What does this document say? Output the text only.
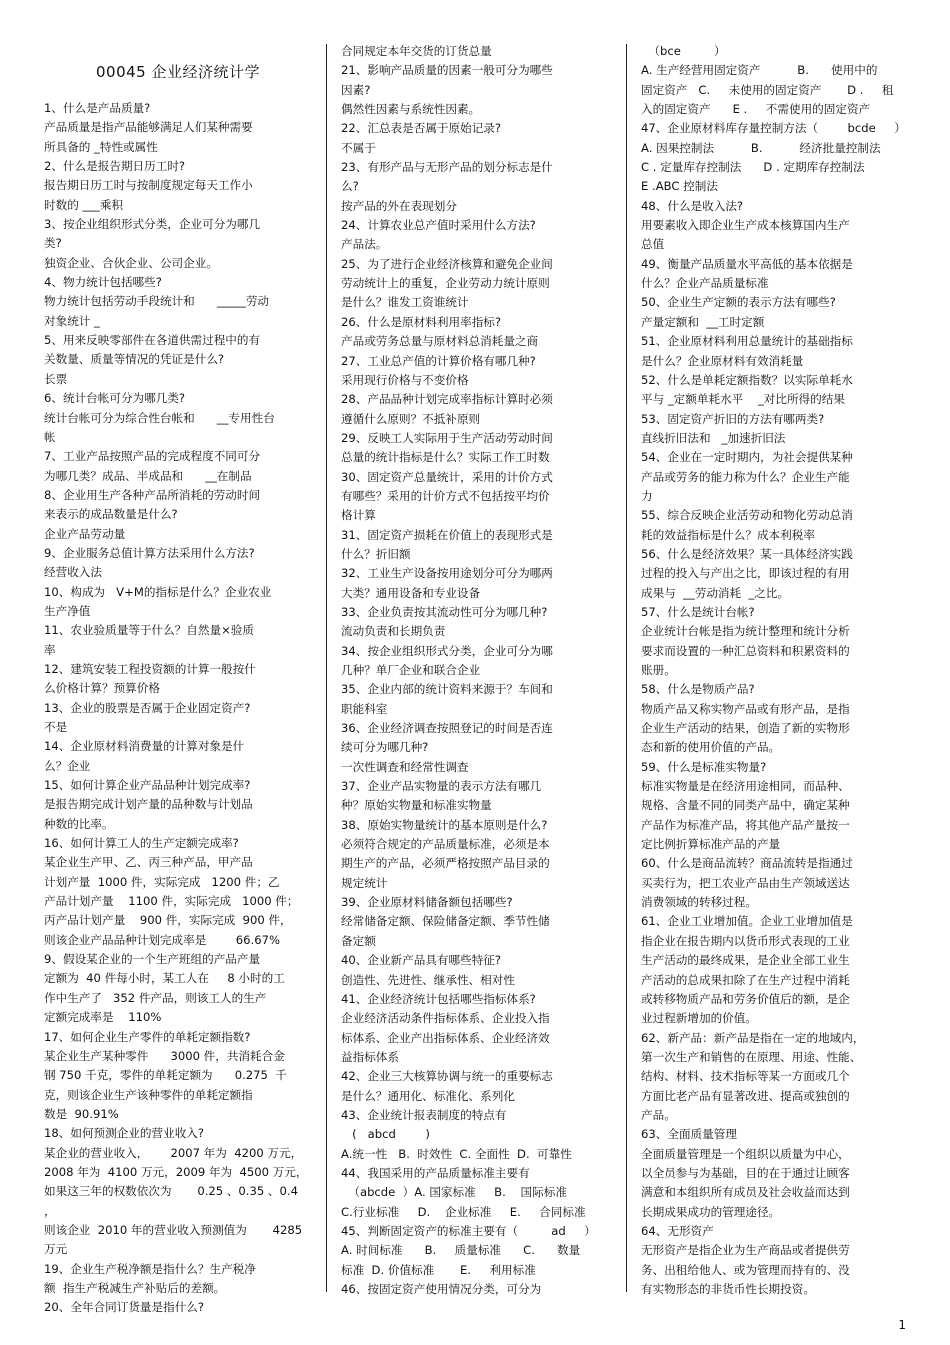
00045 企业经济统计学

1、什么是产品质量?

产品质量是指产品能够满足人们某种需要

所具备的 _特性或属性

2、什么是报告期日历工时?

报告期日历工时与按制度规定每天工作小

时数的 ___乘积

3、按企业组织形式分类，企业可分为哪几

类?

独资企业、合伙企业、公司企业。

4、物力统计包括哪些?

物力统计包括劳动手段统计和      _____劳动

对象统计 _

5、用来反映零部件在各道供需过程中的有

关数量、质量等情况的凭证是什么?

长票

6、统计台帐可分为哪几类?

统计台帐可分为综合性台帐和      __专用性台

帐

7、工业产品按照产品的完成程度不同可分

为哪几类？成品、半成品和      __在制品

8、企业用生产各种产品所消耗的劳动时间

来表示的成品数量是什么?

企业产品劳动量

9、企业服务总值计算方法采用什么方法?

经营收入法

10、构成为   V+M的指标是什么？企业农业

生产净值

11、农业验质量等于什么？自然量×验质

率

12、建筑安装工程投资额的计算一般按什

么价格计算？预算价格

13、企业的股票是否属于企业固定资产?

不是

14、企业原材料消费量的计算对象是什

么？企业

15、如何计算企业产品品种计划完成率?

是报告期完成计划产量的品种数与计划品

种数的比率。

16、如何计算工人的生产定额完成率?

某企业生产甲、乙、丙三种产品，甲产品

计划产量  1000 件，实际完成   1200 件；乙

产品计划产量    1100 件，实际完成   1000 件；

丙产品计划产量    900 件，实际完成  900 件，

则该企业产品品种计划完成率是        66.67%

9、假设某企业的一个生产班组的产品产量

定额为  40 件每小时，某工人在     8 小时的工

作中生产了   352 件产品，则该工人的生产

定额完成率是    110%

17、如何企业生产零件的单耗定额指数?

某企业生产某种零件      3000 件，共消耗合金

钢 750 千克，零件的单耗定额为      0.275  千

克，则该企业生产该种零件的单耗定额指

数是  90.91%

18、如何预测企业的营业收入?

某企业的营业收入，      2007 年为  4200 万元，

2008 年为  4100 万元，2009 年为  4500 万元，

如果这三年的权数依次为       0.25 、0.35 、0.4 ，

则该企业  2010 年的营业收入预测值为       4285

万元

19、企业生产税净额是指什么？生产税净

额  指生产税减生产补贴后的差额。

20、全年合同订货量是指什么?

合同规定本年交货的订货总量

21、影响产品质量的因素一般可分为哪些

因素?

偶然性因素与系统性因素。

22、汇总表是否属于原始记录?

不属于

23、有形产品与无形产品的划分标志是什

么?

按产品的外在表现划分

24、计算农业总产值时采用什么方法?

产品法。

25、为了进行企业经济核算和避免企业间

劳动统计上的重复，企业劳动力统计原则

是什么？谁发工资谁统计

26、什么是原材料利用率指标?

产品或劳务总量与原材料总消耗量之商

27、工业总产值的计算价格有哪几种?

采用现行价格与不变价格

28、产品品种计划完成率指标计算时必须

遵循什么原则？不抵补原则

29、反映工人实际用于生产活动劳动时间

总量的统计指标是什么？实际工作工时数

30、固定资产总量统计，采用的计价方式

有哪些？采用的计价方式不包括按平均价

格计算

31、固定资产损耗在价值上的表现形式是

什么？折旧额

32、工业生产设备按用途划分可分为哪两

大类？通用设备和专业设备

33、企业负责按其流动性可分为哪几种?

流动负责和长期负责

34、按企业组织形式分类，企业可分为哪

几种？单厂企业和联合企业

35、企业内部的统计资料来源于？车间和

职能科室

36、企业经济调查按照登记的时间是否连

续可分为哪几种?

一次性调查和经常性调查

37、企业产品实物量的表示方法有哪几

种？原始实物量和标准实物量

38、原始实物量统计的基本原则是什么?

必须符合规定的产品质量标准，必须是本

期生产的产品，必须严格按照产品目录的

规定统计

39、企业原材料储备额包括哪些?

经常储备定额、保险储备定额、季节性储

备定额

40、企业新产品具有哪些特征?

创造性、先进性、继承性、相对性

41、企业经济统计包括哪些指标体系?

企业经济活动条件指标体系、企业投入指

标体系、企业产出指标体系、企业经济效

益指标体系

42、企业三大核算协调与统一的重要标志

是什么？通用化、标准化、系列化

43、企业统计报表制度的特点有

(   abcd        )

A.统一性   B.  时效性  C. 全面性  D.  可靠性

44、我国采用的产品质量标准主要有

（abcde  ）A. 国家标准     B.    国际标准

C.行业标准     D.    企业标准     E.     合同标准

45、判断固定资产的标准主要有（         ad     ）

A. 时间标准      B.     质量标准      C.      数量

标准  D. 价值标准       E.     利用标准

46、按固定资产使用情况分类，可分为

（bce         ）

A. 生产经营用固定资产          B.      使用中的

固定资产   C.     未使用的固定资产       D .     租

入的固定资产      E .     不需使用的固定资产

47、企业原材料库存量控制方法（        bcde     ）

A. 因果控制法          B.          经济批量控制法

C . 定量库存控制法      D . 定期库存控制法

E .ABC 控制法

48、什么是收入法?

用要素收入即企业生产成本核算国内生产

总值

49、衡量产品质量水平高低的基本依据是

什么？企业产品质量标准

50、企业生产定额的表示方法有哪些?

产量定额和  __工时定额

51、企业原材料利用总量统计的基础指标

是什么？企业原材料有效消耗量

52、什么是单耗定额指数？以实际单耗水

平与 _定额单耗水平    _对比所得的结果

53、固定资产折旧的方法有哪两类?

直线折旧法和   _加速折旧法

54、企业在一定时期内，为社会提供某种

产品或劳务的能力称为什么？企业生产能

力

55、综合反映企业活劳动和物化劳动总消

耗的效益指标是什么？成本利税率

56、什么是经济效果？某一具体经济实践

过程的投入与产出之比，即该过程的有用

成果与  __劳动消耗  _之比。

57、什么是统计台帐?

企业统计台帐是指为统计整理和统计分析

要求而设置的一种汇总资料和积累资料的

账册。

58、什么是物质产品?

物质产品又称实物产品或有形产品，是指

企业生产活动的结果，创造了新的实物形

态和新的使用价值的产品。

59、什么是标准实物量?

标准实物量是在经济用途相同，而品种、

规格、含量不同的同类产品中，确定某种

产品作为标准产品，将其他产品产量按一

定比例折算标准产品的产量

60、什么是商品流转？商品流转是指通过

买卖行为，把工农业产品由生产领域送达

消费领域的转移过程。

61、企业工业增加值。企业工业增加值是

指企业在报告期内以货币形式表现的工业

生产活动的最终成果，是企业全部工业生

产活动的总成果扣除了在生产过程中消耗

或转移物质产品和劳务价值后的额，是企

业过程新增加的价值。

62、新产品：新产品是指在一定的地域内，

第一次生产和销售的在原理、用途、性能、

结构、材料、技术指标等某一方面或几个

方面比老产品有显著改进、提高或独创的

产品。

63、全面质量管理

全面质量管理是一个组织以质量为中心，

以全员参与为基础，目的在于通过让顾客

满意和本组织所有成员及社会收益而达到

长期成果成功的管理途径。

64、无形资产

无形资产是指企业为生产商品或者提供劳

务、出租给他人、或为管理而持有的、没

有实物形态的非货币性长期投资。

1
